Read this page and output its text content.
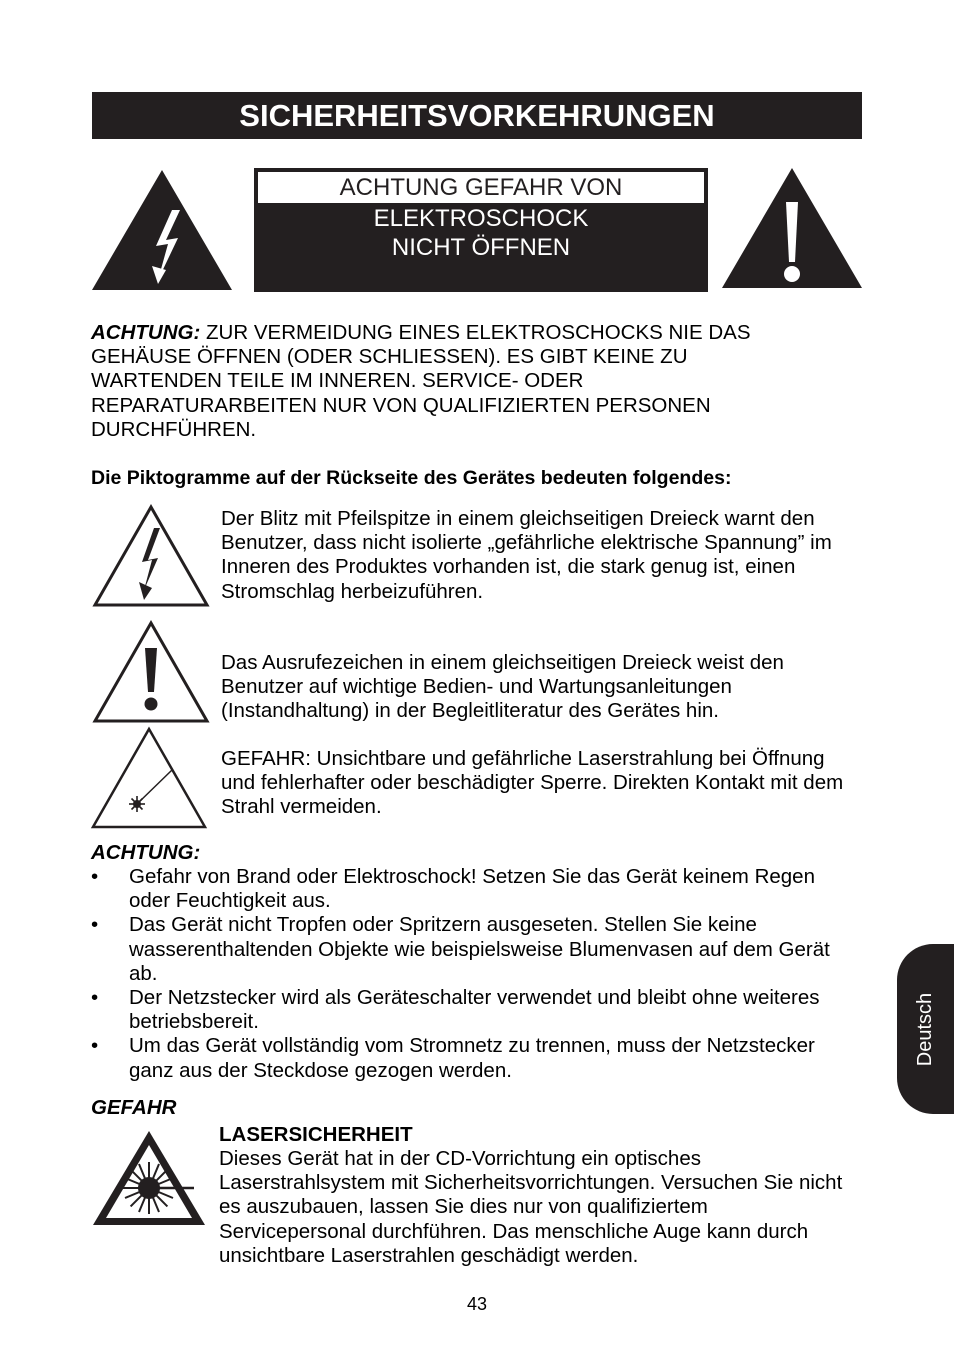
SICHERHEITSVORKEHRUNGEN
ACHTUNG GEFAHR VON
ELEKTROSCHOCK
NICHT ÖFFNEN
ACHTUNG: ZUR VERMEIDUNG EINES ELEKTROSCHOCKS NIE DAS GEHÄUSE ÖFFNEN (ODER SCHLIESSEN). ES GIBT KEINE ZU WARTENDEN TEILE IM INNEREN. SERVICE- ODER REPARATURARBEITEN NUR VON QUALIFIZIERTEN PERSONEN DURCHFÜHREN.
Die Piktogramme auf der Rückseite des Gerätes bedeuten folgendes:
Der Blitz mit Pfeilspitze in einem gleichseitigen Dreieck warnt den Benutzer, dass nicht isolierte „gefährliche elektrische Spannung” im Inneren des Produktes vorhanden ist, die stark genug ist, einen Stromschlag herbeizuführen.
Das Ausrufezeichen in einem gleichseitigen Dreieck weist den Benutzer auf wichtige Bedien- und Wartungsanleitungen (Instandhaltung) in der Begleitliteratur des Gerätes hin.
GEFAHR: Unsichtbare und gefährliche Laserstrahlung bei Öffnung und fehlerhafter oder beschädigter Sperre. Direkten Kontakt mit dem Strahl vermeiden.
ACHTUNG:
• Gefahr von Brand oder Elektroschock! Setzen Sie das Gerät keinem Regen oder Feuchtigkeit aus.
• Das Gerät nicht Tropfen oder Spritzern ausgeseten. Stellen Sie keine wasserenthaltenden Objekte wie beispielsweise Blumenvasen auf dem Gerät ab.
• Der Netzstecker wird als Geräteschalter verwendet und bleibt ohne weiteres betriebsbereit.
• Um das Gerät vollständig vom Stromnetz zu trennen, muss der Netzstecker ganz aus der Steckdose gezogen werden.
GEFAHR
LASERSICHERHEIT
Dieses Gerät hat in der CD-Vorrichtung ein optisches Laserstrahlsystem mit Sicherheitsvorrichtungen. Versuchen Sie nicht es auszubauen, lassen Sie dies nur von qualifiziertem Servicepersonal durchführen. Das menschliche Auge kann durch unsichtbare Laserstrahlen geschädigt werden.
Deutsch
43
